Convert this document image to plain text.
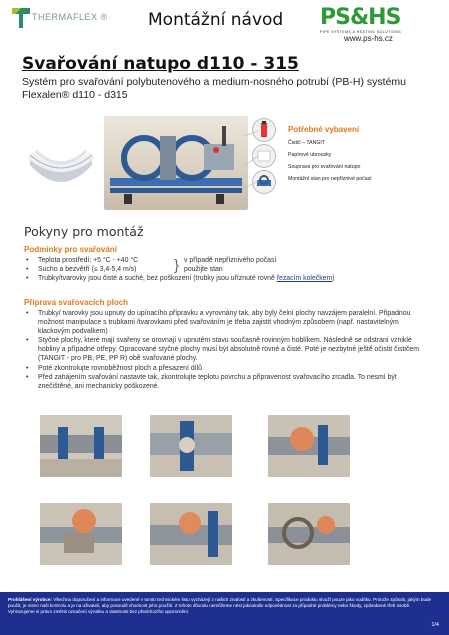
THERMAFLEX ® Montážní návod PS&HS
PIPE SYSTEMS & HEATING SOLUTIONS
www.ps-hs.cz
Svařování natupo d110 - 315
Systém pro svařování polybutenového a medium-nosného potrubí (PB-H) systému Flexalen® d110 - d315
Potřebné vybavení
Čistič – TANGIT
Papírové ubrousky
Souprava pro svařování natupo
Montážní stan pro nepříznivé počasí
Pokyny pro montáž
Podmínky pro svařování
• Teplota prostředí: +5 °C - +40 °C	} v případě nepříznivého počasí
• Sucho a bezvětří (≤ 3,4-5,4 m/s)	použijte stan
• Trubky/tvarovky jsou čisté a suché, bez poškození (trubky jsou uříznuté rovně řezacím kolečkem)
Příprava svařovacích ploch
• Trubky/ tvarovky jsou upnuty do upínacího přípravku a vyrovnány tak, aby byly čelní plochy navzájem paralelní. Připadnou možnost manipulace s trubkami /tvarovkami před svařováním je třeba zajistit vhodným způsobem (např. nastavitelným klackovým podvalkem)
• Styčné plochy, které mají svařeny se orovnají v upnutém stavu současně rovinným hoblíkem. Následně se odstraní vzniklé hobliny a případné otřepy. Opracované styčné plochy musí být absolutně rovné a čisté. Poté je nezbytné ještě očistit čističem (TANGIT - pro PB, PE, PP R) obě svařované plochy.
• Poté zkontrolujte rovnoběžnost ploch a přesazení dílů
• Před zahájením svařování nastavte tak, zkontrolujte teplotu povrchu a připravenost svařovacího zrcadla. To nesmí být znečištěné, ani mechanicky poškozené.
Prohlášení výrobce: Všechna doporučení a informace uvedené v tomto technickém listu vycházejí z našich znalostí a zkušeností. Specifikace produktu slouží pouze jako vodítko. Protože způsob, jakým bude použit, je mimo naši kontrolu a je na uživateli, aby posoudil vhodnost jeho použití. Z tohoto důvodu nemůžeme nést jakoukoliv odpovědnost za případné problémy nebo škody, způsobené třetí osobě. Vyhrazujeme si právo změnit označení výrobku a vlastnosti bez předchozího upozornění.
1/4
